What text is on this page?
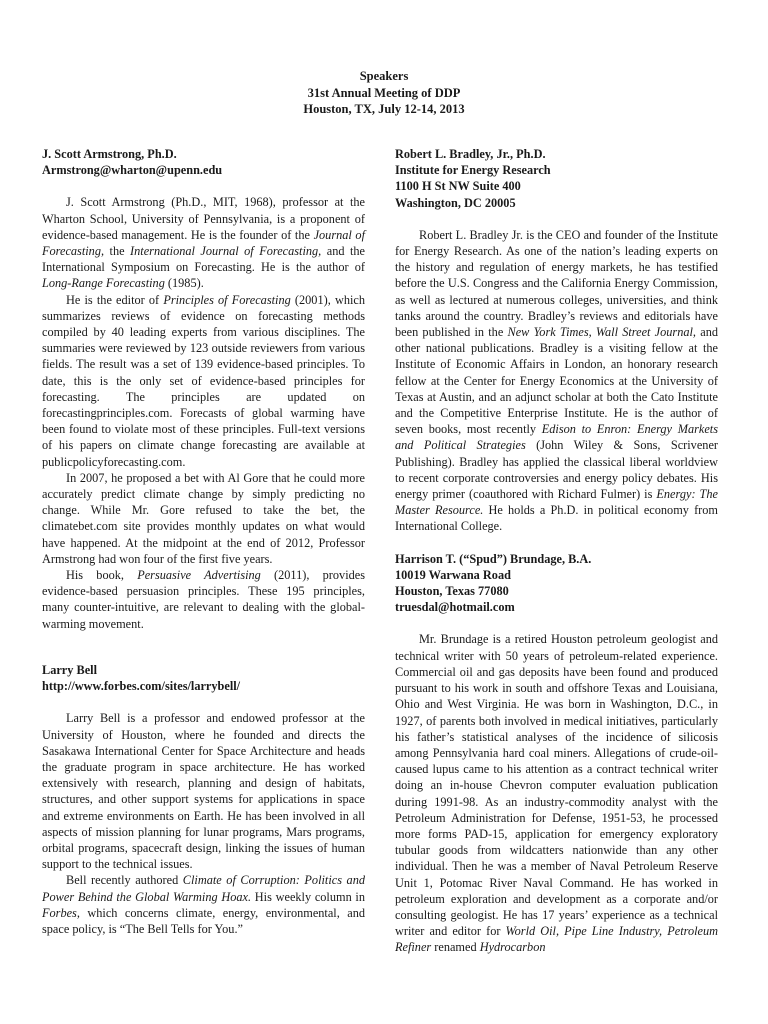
Speakers
31st Annual Meeting of DDP
Houston, TX, July 12-14, 2013
J. Scott Armstrong, Ph.D.
Armstrong@wharton@upenn.edu

J. Scott Armstrong (Ph.D., MIT, 1968), professor at the Wharton School, University of Pennsylvania, is a proponent of evidence-based management. He is the founder of the Journal of Forecasting, the International Journal of Forecasting, and the International Symposium on Forecasting. He is the author of Long-Range Forecasting (1985).

He is the editor of Principles of Forecasting (2001), which summarizes reviews of evidence on forecasting methods compiled by 40 leading experts from various disciplines. The summaries were reviewed by 123 outside reviewers from various fields. The result was a set of 139 evidence-based principles. To date, this is the only set of evidence-based principles for forecasting. The principles are updated on forecastingprinciples.com. Forecasts of global warming have been found to violate most of these principles. Full-text versions of his papers on climate change forecasting are available at publicpolicyforecasting.com.

In 2007, he proposed a bet with Al Gore that he could more accurately predict climate change by simply predicting no change. While Mr. Gore refused to take the bet, the climatebet.com site provides monthly updates on what would have happened. At the midpoint at the end of 2012, Professor Armstrong had won four of the first five years.

His book, Persuasive Advertising (2011), provides evidence-based persuasion principles. These 195 principles, many counter-intuitive, are relevant to dealing with the global-warming movement.

Larry Bell
http://www.forbes.com/sites/larrybell/

Larry Bell is a professor and endowed professor at the University of Houston, where he founded and directs the Sasakawa International Center for Space Architecture and heads the graduate program in space architecture. He has worked extensively with research, planning and design of habitats, structures, and other support systems for applications in space and extreme environments on Earth. He has been involved in all aspects of mission planning for lunar programs, Mars programs, orbital programs, spacecraft design, linking the issues of human support to the technical issues.

Bell recently authored Climate of Corruption: Politics and Power Behind the Global Warming Hoax. His weekly column in Forbes, which concerns climate, energy, environmental, and space policy, is “The Bell Tells for You.”

Robert L. Bradley, Jr., Ph.D.
Institute for Energy Research
1100 H St NW Suite 400
Washington, DC 20005

Robert L. Bradley Jr. is the CEO and founder of the Institute for Energy Research. As one of the nation’s leading experts on the history and regulation of energy markets, he has testified before the U.S. Congress and the California Energy Commission, as well as lectured at numerous colleges, universities, and think tanks around the country. Bradley’s reviews and editorials have been published in the New York Times, Wall Street Journal, and other national publications. Bradley is a visiting fellow at the Institute of Economic Affairs in London, an honorary research fellow at the Center for Energy Economics at the University of Texas at Austin, and an adjunct scholar at both the Cato Institute and the Competitive Enterprise Institute. He is the author of seven books, most recently Edison to Enron: Energy Markets and Political Strategies (John Wiley & Sons, Scrivener Publishing). Bradley has applied the classical liberal worldview to recent corporate controversies and energy policy debates. His energy primer (coauthored with Richard Fulmer) is Energy: The Master Resource. He holds a Ph.D. in political economy from International College.

Harrison T. (“Spud”) Brundage, B.A.
10019 Warwana Road
Houston, Texas 77080
truesdal@hotmail.com

Mr. Brundage is a retired Houston petroleum geologist and technical writer with 50 years of petroleum-related experience. Commercial oil and gas deposits have been found and produced pursuant to his work in south and offshore Texas and Louisiana, Ohio and West Virginia. He was born in Washington, D.C., in 1927, of parents both involved in medical initiatives, particularly his father’s statistical analyses of the incidence of silicosis among Pennsylvania hard coal miners. Allegations of crude-oil-caused lupus came to his attention as a contract technical writer doing an in-house Chevron computer evaluation publication during 1991-98. As an industry-commodity analyst with the Petroleum Administration for Defense, 1951-53, he processed more forms PAD-15, application for emergency exploratory tubular goods from wildcatters nationwide than any other individual. Then he was a member of Naval Petroleum Reserve Unit 1, Potomac River Naval Command. He has worked in petroleum exploration and development as a corporate and/or consulting geologist. He has 17 years’ experience as a technical writer and editor for World Oil, Pipe Line Industry, Petroleum Refiner renamed Hydrocarbon
